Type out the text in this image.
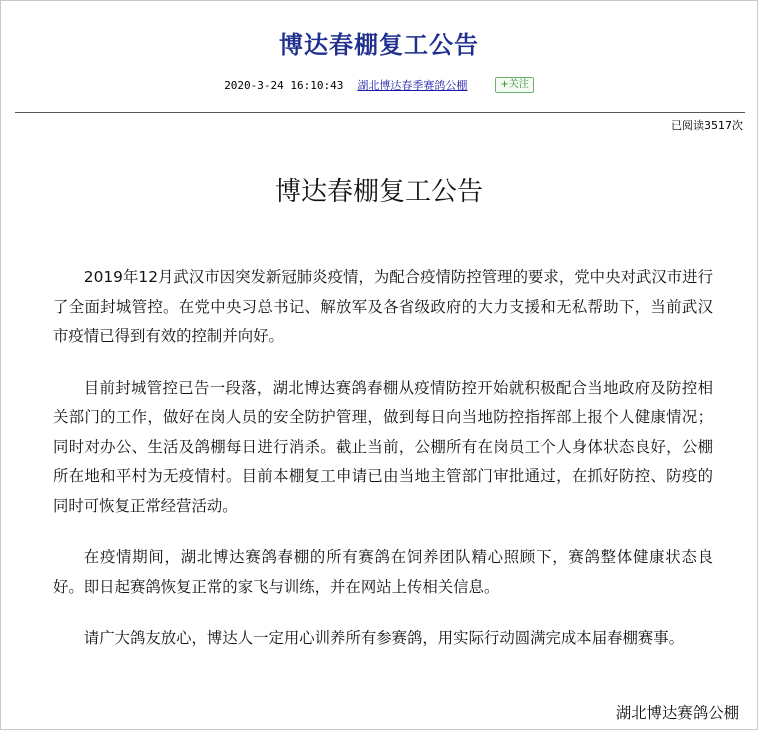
博达春棚复工公告
2020-3-24 16:10:43 湖北博达春季赛鸽公棚	+关注
已阅读3517次
博达春棚复工公告

2019年12月武汉市因突发新冠肺炎疫情，为配合疫情防控管理的要求，党中央对武汉市进行了全面封城管控。在党中央习总书记、解放军及各省级政府的大力支援和无私帮助下，当前武汉市疫情已得到有效的控制并向好。

目前封城管控已告一段落，湖北博达赛鸽春棚从疫情防控开始就积极配合当地政府及防控相关部门的工作，做好在岗人员的安全防护管理，做到每日向当地防控指挥部上报个人健康情况；同时对办公、生活及鸽棚每日进行消杀。截止当前，公棚所有在岗员工个人身体状态良好，公棚所在地和平村为无疫情村。目前本棚复工申请已由当地主管部门审批通过，在抓好防控、防疫的同时可恢复正常经营活动。

在疫情期间，湖北博达赛鸽春棚的所有赛鸽在饲养团队精心照顾下，赛鸽整体健康状态良好。即日起赛鸽恢复正常的家飞与训练，并在网站上传相关信息。

请广大鸽友放心，博达人一定用心训养所有参赛鸽，用实际行动圆满完成本届春棚赛事。

湖北博达赛鸽公棚
